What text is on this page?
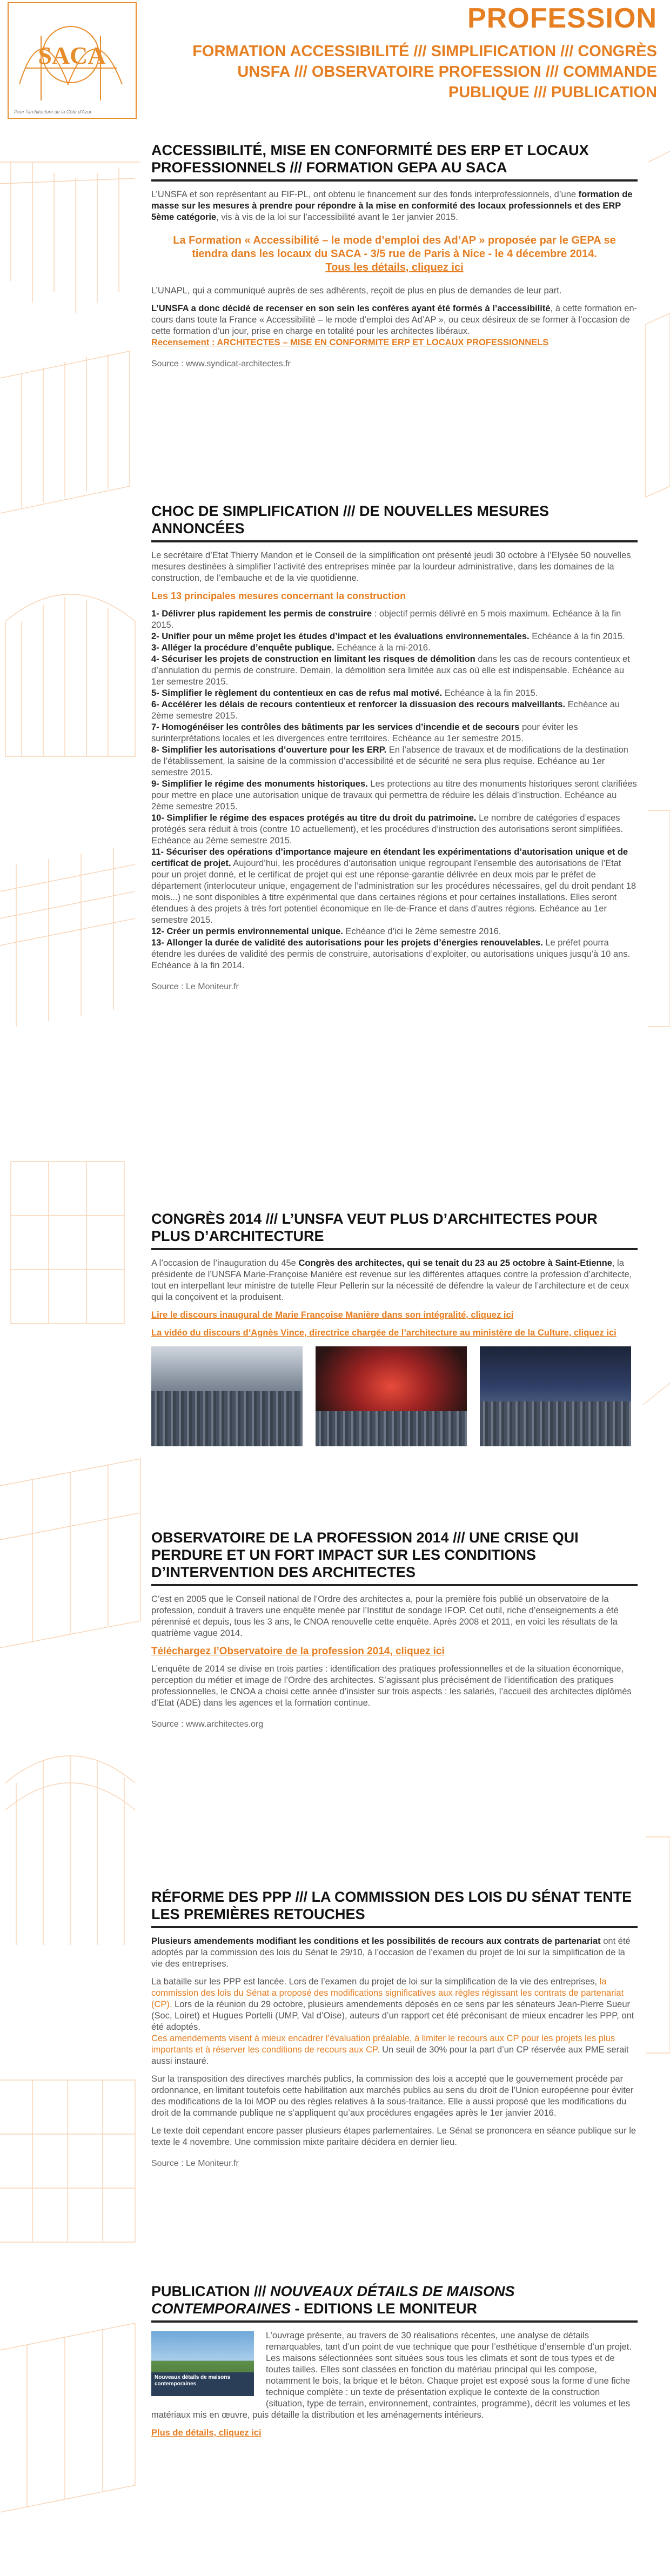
SACA
Pour l'architecture de la Côte d'Azur
PROFESSION
FORMATION ACCESSIBILITÉ /// SIMPLIFICATION /// CONGRÈS UNSFA /// OBSERVATOIRE PROFESSION /// COMMANDE PUBLIQUE /// PUBLICATION
ACCESSIBILITÉ, MISE EN CONFORMITÉ DES ERP ET LOCAUX PROFESSIONNELS /// FORMATION GEPA AU SACA

L’UNSFA et son représentant au FIF-PL, ont obtenu le financement sur des fonds interprofessionnels, d’une formation de masse sur les mesures à prendre pour répondre à la mise en conformité des locaux professionnels et des ERP 5ème catégorie, vis à vis de la loi sur l’accessibilité avant le 1er janvier 2015.

La Formation « Accessibilité – le mode d’emploi des Ad’AP » proposée par le GEPA se tiendra dans les locaux du SACA - 3/5 rue de Paris à Nice - le 4 décembre 2014.
Tous les détails, cliquez ici

L’UNAPL, qui a communiqué auprès de ses adhérents, reçoit de plus en plus de demandes de leur part.

L’UNSFA a donc décidé de recenser en son sein les confères ayant été formés à l’accessibilité, à cette formation en-cours dans toute la France « Accessibilité – le mode d’emploi des Ad’AP », ou ceux désireux de se former à l’occasion de cette formation d’un jour, prise en charge en totalité pour les architectes libéraux.
Recensement : ARCHITECTES – MISE EN CONFORMITE ERP ET LOCAUX PROFESSIONNELS

Source : www.syndicat-architectes.fr
CHOC DE SIMPLIFICATION /// DE NOUVELLES MESURES ANNONCÉES

Le secrétaire d’Etat Thierry Mandon et le Conseil de la simplification ont présenté jeudi 30 octobre à l’Elysée 50 nouvelles mesures destinées à simplifier l’activité des entreprises minée par la lourdeur administrative, dans les domaines de la construction, de l’embauche et de la vie quotidienne.

Les 13 principales mesures concernant la construction

1- Délivrer plus rapidement les permis de construire : objectif permis délivré en 5 mois maximum. Echéance à la fin 2015.
2- Unifier pour un même projet les études d’impact et les évaluations environnementales. Echéance à la fin 2015.
3- Alléger la procédure d’enquête publique. Echéance à la mi-2016.
4- Sécuriser les projets de construction en limitant les risques de démolition dans les cas de recours contentieux et d’annulation du permis de construire. Demain, la démolition sera limitée aux cas où elle est indispensable. Echéance au 1er semestre 2015.
5- Simplifier le règlement du contentieux en cas de refus mal motivé. Echéance à la fin 2015.
6- Accélérer les délais de recours contentieux et renforcer la dissuasion des recours malveillants. Echéance au 2ème semestre 2015.
7- Homogénéiser les contrôles des bâtiments par les services d’incendie et de secours pour éviter les surinterprétations locales et les divergences entre territoires. Echéance au 1er semestre 2015.
8- Simplifier les autorisations d’ouverture pour les ERP. En l’absence de travaux et de modifications de la destination de l’établissement, la saisine de la commission d’accessibilité et de sécurité ne sera plus requise. Echéance au 1er semestre 2015.
9- Simplifier le régime des monuments historiques. Les protections au titre des monuments historiques seront clarifiées pour mettre en place une autorisation unique de travaux qui permettra de réduire les délais d’instruction. Echéance au 2ème semestre 2015.
10- Simplifier le régime des espaces protégés au titre du droit du patrimoine. Le nombre de catégories d’espaces protégés sera réduit à trois (contre 10 actuellement), et les procédures d’instruction des autorisations seront simplifiées. Echéance au 2ème semestre 2015.
11- Sécuriser des opérations d’importance majeure en étendant les expérimentations d’autorisation unique et de certificat de projet. Aujourd’hui, les procédures d’autorisation unique regroupant l’ensemble des autorisations de l’Etat pour un projet donné, et le certificat de projet qui est une réponse-garantie délivrée en deux mois par le préfet de département (interlocuteur unique, engagement de l’administration sur les procédures nécessaires, gel du droit pendant 18 mois...) ne sont disponibles à titre expérimental que dans certaines régions et pour certaines installations. Elles seront étendues à des projets à très fort potentiel économique en Ile-de-France et dans d’autres régions. Echéance au 1er semestre 2015.
12- Créer un permis environnemental unique. Echéance d’ici le 2ème semestre 2016.
13- Allonger la durée de validité des autorisations pour les projets d’énergies renouvelables. Le préfet pourra étendre les durées de validité des permis de construire, autorisations d’exploiter, ou autorisations uniques jusqu’à 10 ans. Echéance à la fin 2014.
Source : Le Moniteur.fr
CONGRÈS 2014 /// L’UNSFA VEUT PLUS D’ARCHITECTES POUR PLUS D’ARCHITECTURE

A l’occasion de l’inauguration du 45e Congrès des architectes, qui se tenait du 23 au 25 octobre à Saint-Etienne, la présidente de l’UNSFA Marie-Françoise Manière est revenue sur les différentes attaques contre la profession d’architecte, tout en interpellant leur ministre de tutelle Fleur Pellerin sur la nécessité de défendre la valeur de l’architecture et de ceux qui la conçoivent et la produisent.

Lire le discours inaugural de Marie Françoise Manière dans son intégralité, cliquez ici

La vidéo du discours d’Agnès Vince, directrice chargée de l’architecture au ministère de la Culture, cliquez ici

OBSERVATOIRE DE LA PROFESSION 2014 /// UNE CRISE QUI PERDURE ET UN FORT IMPACT SUR LES CONDITIONS D’INTERVENTION DES ARCHITECTES

C’est en 2005 que le Conseil national de l’Ordre des architectes a, pour la première fois publié un observatoire de la profession, conduit à travers une enquête menée par l’Institut de sondage IFOP. Cet outil, riche d’enseignements a été pérennisé et depuis, tous les 3 ans, le CNOA renouvelle cette enquête. Après 2008 et 2011, en voici les résultats de la quatrième vague 2014.

Téléchargez l’Observatoire de la profession 2014, cliquez ici

L’enquête de 2014 se divise en trois parties : identification des pratiques professionnelles et de la situation économique, perception du métier et image de l’Ordre des architectes. S’agissant plus précisément de l’identification des pratiques professionnelles, le CNOA a choisi cette année d’insister sur trois aspects : les salariés, l’accueil des architectes diplômés d’Etat (ADE) dans les agences et la formation continue.

Source : www.architectes.org
RÉFORME DES PPP /// LA COMMISSION DES LOIS DU SÉNAT TENTE LES PREMIÈRES RETOUCHES

Plusieurs amendements modifiant les conditions et les possibilités de recours aux contrats de partenariat ont été adoptés par la commission des lois du Sénat le 29/10, à l’occasion de l’examen du projet de loi sur la simplification de la vie des entreprises.

La bataille sur les PPP est lancée. Lors de l’examen du projet de loi sur la simplification de la vie des entreprises, la commission des lois du Sénat a proposé des modifications significatives aux règles régissant les contrats de partenariat (CP). Lors de la réunion du 29 octobre, plusieurs amendements déposés en ce sens par les sénateurs Jean-Pierre Sueur (Soc, Loiret) et Hugues Portelli (UMP, Val d’Oise), auteurs d’un rapport cet été préconisant de mieux encadrer les PPP, ont été adoptés.
Ces amendements visent à mieux encadrer l’évaluation préalable, à limiter le recours aux CP pour les projets les plus importants et à réserver les conditions de recours aux CP. Un seuil de 30% pour la part d’un CP réservée aux PME serait aussi instauré.

Sur la transposition des directives marchés publics, la commission des lois a accepté que le gouvernement procède par ordonnance, en limitant toutefois cette habilitation aux marchés publics au sens du droit de l’Union européenne pour éviter des modifications de la loi MOP ou des règles relatives à la sous-traitance. Elle a aussi proposé que les modifications du droit de la commande publique ne s’appliquent qu’aux procédures engagées après le 1er janvier 2016.

Le texte doit cependant encore passer plusieurs étapes parlementaires. Le Sénat se prononcera en séance publique sur le texte le 4 novembre. Une commission mixte paritaire décidera en dernier lieu.

Source : Le Moniteur.fr
PUBLICATION /// NOUVEAUX DÉTAILS DE MAISONS CONTEMPORAINES - EDITIONS LE MONITEUR
Nouveaux détails de maisons contemporaines

L’ouvrage présente, au travers de 30 réalisations récentes, une analyse de détails remarquables, tant d’un point de vue technique que pour l’esthétique d’ensemble d’un projet. Les maisons sélectionnées sont situées sous tous les climats et sont de tous types et de toutes tailles. Elles sont classées en fonction du matériau principal qui les compose, notamment le bois, la brique et le béton. Chaque projet est exposé sous la forme d’une fiche technique complète : un texte de présentation explique le contexte de la construction (situation, type de terrain, environnement, contraintes, programme), décrit les volumes et les matériaux mis en œuvre, puis détaille la distribution et les aménagements intérieurs.

Plus de détails, cliquez ici
